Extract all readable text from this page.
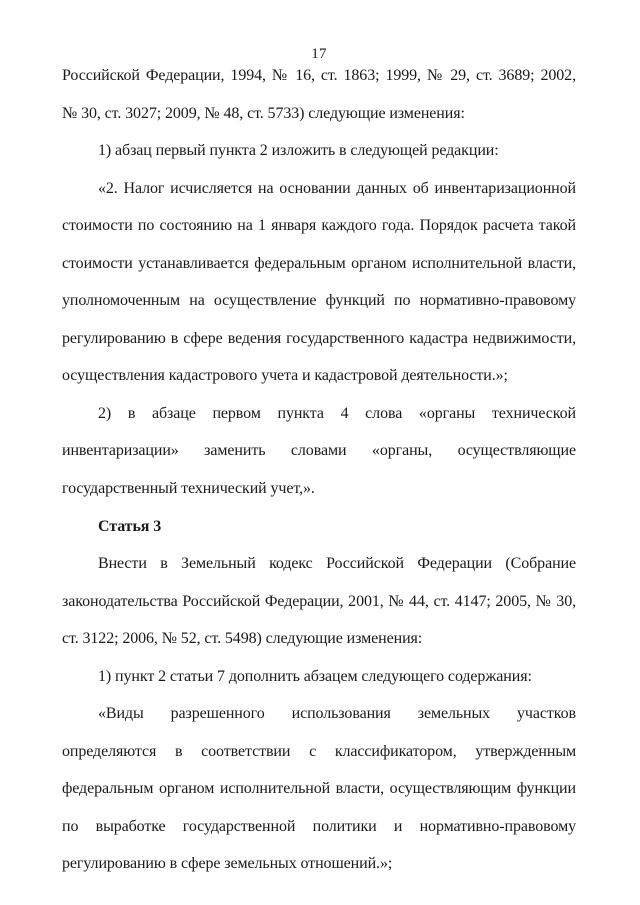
17
Российской Федерации, 1994, № 16, ст. 1863; 1999, № 29, ст. 3689; 2002,
№ 30, ст. 3027; 2009, № 48, ст. 5733) следующие изменения:
1) абзац первый пункта 2 изложить в следующей редакции:
«2. Налог исчисляется на основании данных об инвентаризационной
стоимости по состоянию на 1 января каждого года. Порядок расчета такой
стоимости устанавливается федеральным органом исполнительной власти,
уполномоченным на осуществление функций по нормативно-правовому
регулированию в сфере ведения государственного кадастра недвижимости,
осуществления кадастрового учета и кадастровой деятельности.»;
2) в абзаце первом пункта 4 слова «органы технической
инвентаризации» заменить словами «органы, осуществляющие
государственный технический учет,».
Статья 3
Внести в Земельный кодекс Российской Федерации (Собрание
законодательства Российской Федерации, 2001, № 44, ст. 4147; 2005, № 30,
ст. 3122; 2006, № 52, ст. 5498) следующие изменения:
1) пункт 2 статьи 7 дополнить абзацем следующего содержания:
«Виды разрешенного использования земельных участков
определяются в соответствии с классификатором, утвержденным
федеральным органом исполнительной власти, осуществляющим функции
по выработке государственной политики и нормативно-правовому
регулированию в сфере земельных отношений.»;
